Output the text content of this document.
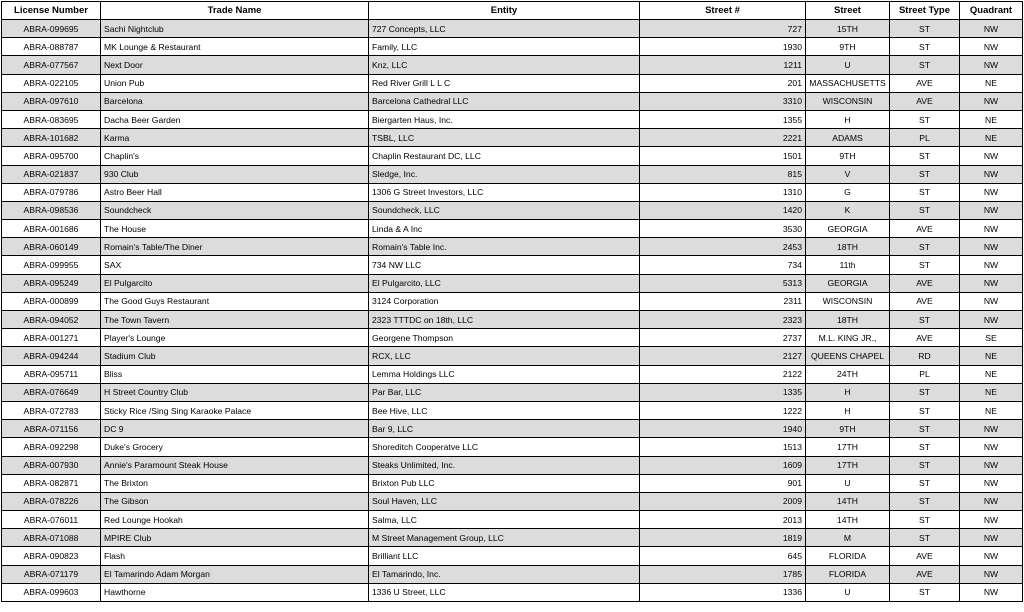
License Number	Trade Name	Entity	Street #	Street	Street Type	Quadrant
ABRA-099695	Sachi Nightclub	727 Concepts, LLC	727	15TH	ST	NW
ABRA-088787	MK Lounge & Restaurant	Family, LLC	1930	9TH	ST	NW
ABRA-077567	Next Door	Knz, LLC	1211	U	ST	NW
ABRA-022105	Union Pub	Red River Grill L L C	201	MASSACHUSETTS	AVE	NE
ABRA-097610	Barcelona	Barcelona Cathedral LLC	3310	WISCONSIN	AVE	NW
ABRA-083695	Dacha Beer Garden	Biergarten Haus, Inc.	1355	H	ST	NE
ABRA-101682	Karma	TSBL, LLC	2221	ADAMS	PL	NE
ABRA-095700	Chaplin's	Chaplin Restaurant DC, LLC	1501	9TH	ST	NW
ABRA-021837	930 Club	Sledge, Inc.	815	V	ST	NW
ABRA-079786	Astro Beer Hall	1306 G Street Investors, LLC	1310	G	ST	NW
ABRA-098536	Soundcheck	Soundcheck, LLC	1420	K	ST	NW
ABRA-001686	The House	Linda & A Inc	3530	GEORGIA	AVE	NW
ABRA-060149	Romain's Table/The Diner	Romain's Table Inc.	2453	18TH	ST	NW
ABRA-099955	SAX	734 NW LLC	734	11th	ST	NW
ABRA-095249	El Pulgarcito	El Pulgarcito, LLC	5313	GEORGIA	AVE	NW
ABRA-000899	The Good Guys Restaurant	3124 Corporation	2311	WISCONSIN	AVE	NW
ABRA-094052	The Town Tavern	2323 TTTDC on 18th, LLC	2323	18TH	ST	NW
ABRA-001271	Player's Lounge	Georgene Thompson	2737	M.L. KING JR.,	AVE	SE
ABRA-094244	Stadium Club	RCX, LLC	2127	QUEENS CHAPEL	RD	NE
ABRA-095711	Bliss	Lemma Holdings LLC	2122	24TH	PL	NE
ABRA-076649	H Street Country Club	Par Bar, LLC	1335	H	ST	NE
ABRA-072783	Sticky Rice /Sing Sing Karaoke Palace	Bee Hive, LLC	1222	H	ST	NE
ABRA-071156	DC 9	Bar 9, LLC	1940	9TH	ST	NW
ABRA-092298	Duke's Grocery	Shoreditch Cooperatve LLC	1513	17TH	ST	NW
ABRA-007930	Annie's Paramount Steak House	Steaks Unlimited, Inc.	1609	17TH	ST	NW
ABRA-082871	The Brixton	Brixton Pub LLC	901	U	ST	NW
ABRA-078226	The Gibson	Soul Haven, LLC	2009	14TH	ST	NW
ABRA-076011	Red Lounge Hookah	Salma, LLC	2013	14TH	ST	NW
ABRA-071088	MPIRE Club	M Street Management Group, LLC	1819	M	ST	NW
ABRA-090823	Flash	Brilliant LLC	645	FLORIDA	AVE	NW
ABRA-071179	El Tamarindo Adam Morgan	El Tamarindo, Inc.	1785	FLORIDA	AVE	NW
ABRA-099603	Hawthorne	1336 U Street, LLC	1336	U	ST	NW
